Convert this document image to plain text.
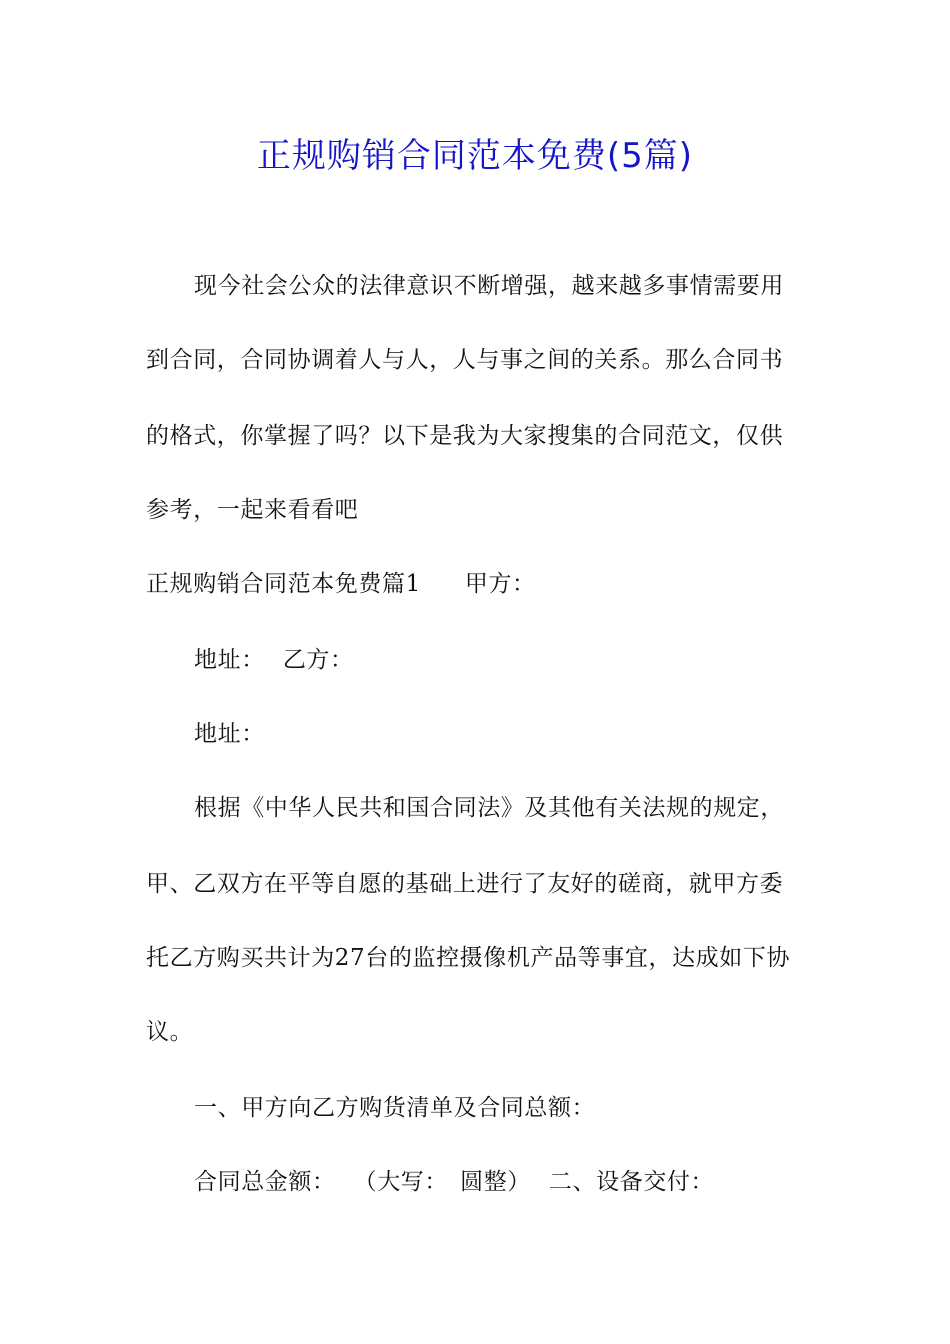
正规购销合同范本免费(5篇)
现今社会公众的法律意识不断增强，越来越多事情需要用
到合同，合同协调着人与人，人与事之间的关系。那么合同书
的格式，你掌握了吗？以下是我为大家搜集的合同范文，仅供
参考，一起来看看吧
正规购销合同范本免费篇1 甲方：
地址： 乙方：
地址：
根据《中华人民共和国合同法》及其他有关法规的规定，
甲、乙双方在平等自愿的基础上进行了友好的磋商，就甲方委
托乙方购买共计为27台的监控摄像机产品等事宜，达成如下协
议。
一、甲方向乙方购货清单及合同总额：
合同总金额： （大写：　圆整） 二、设备交付：
